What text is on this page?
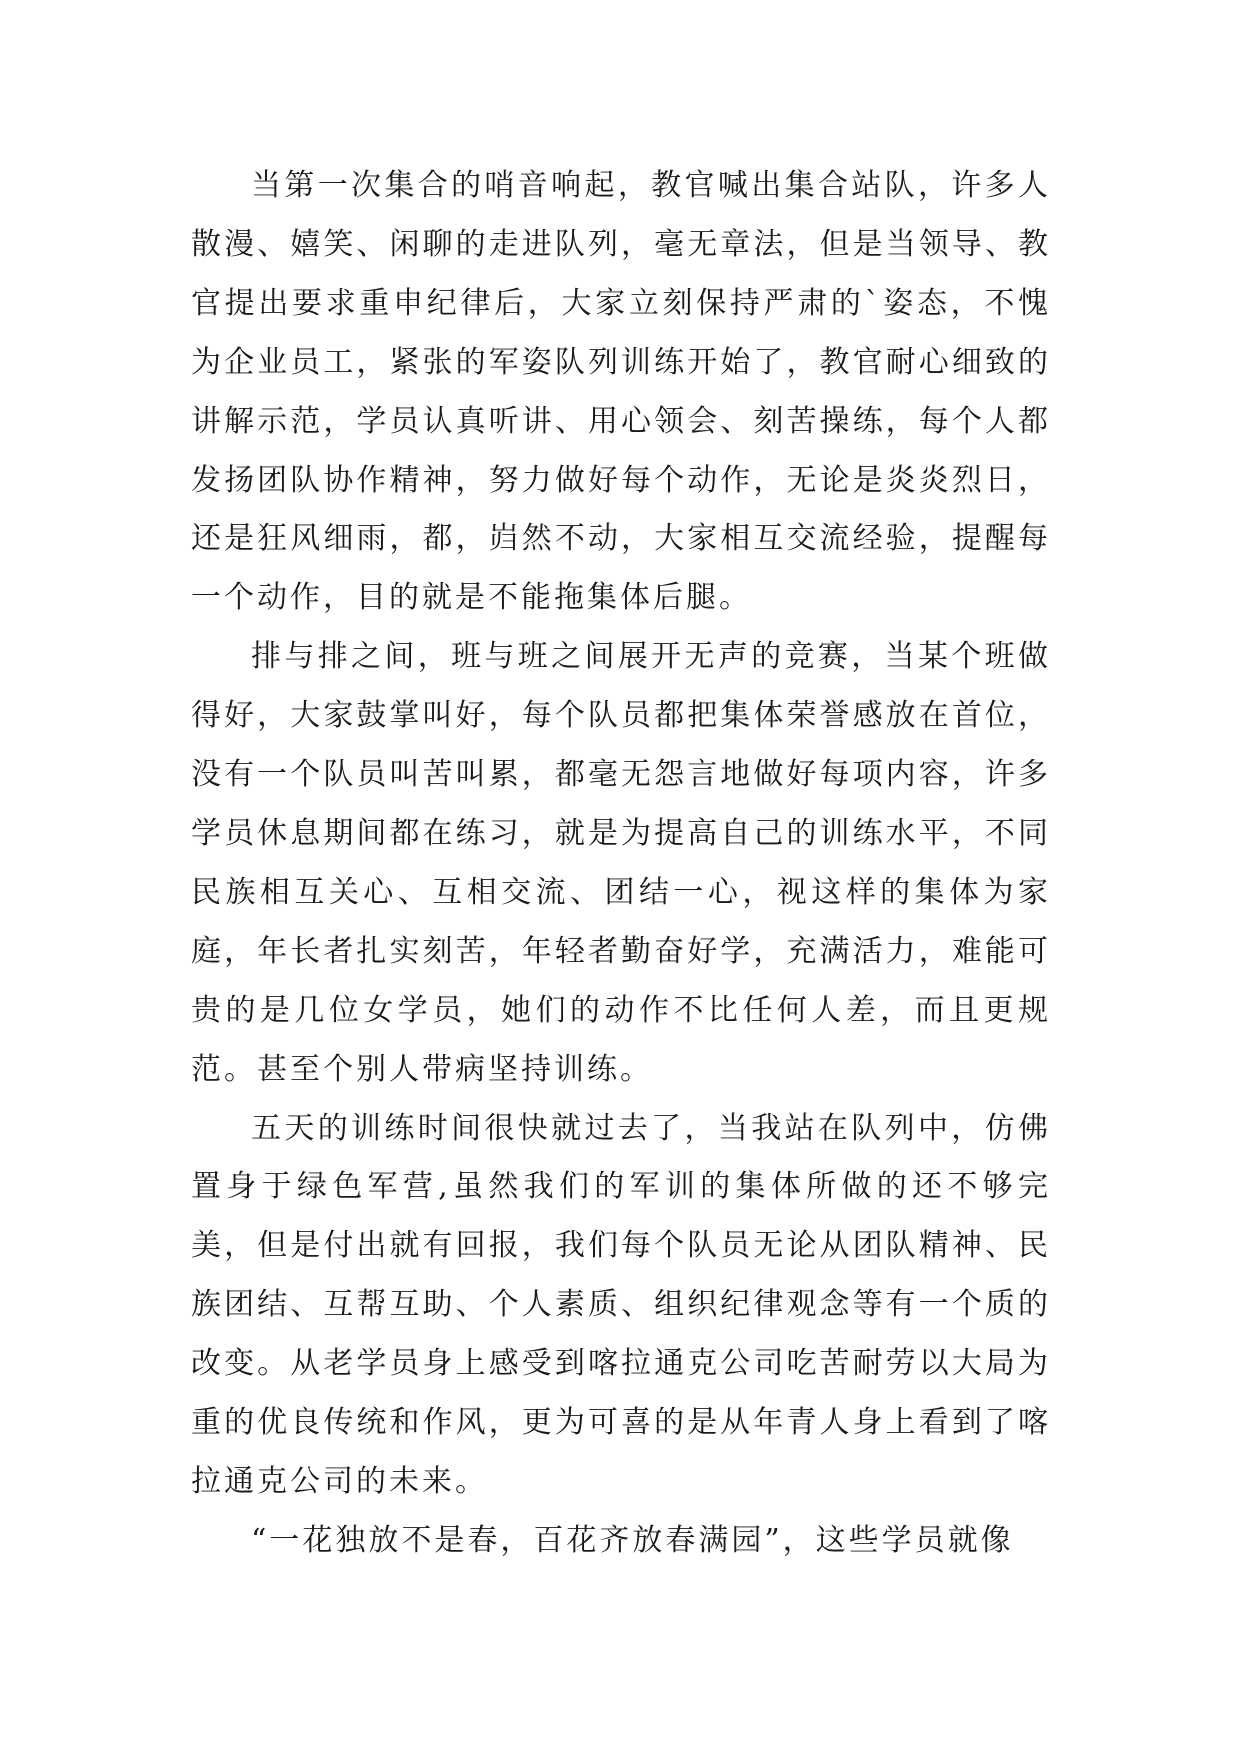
当第一次集合的哨音响起，教官喊出集合站队，许多人散漫、嬉笑、闲聊的走进队列，毫无章法，但是当领导、教官提出要求重申纪律后，大家立刻保持严肃的`姿态，不愧为企业员工，紧张的军姿队列训练开始了，教官耐心细致的讲解示范，学员认真听讲、用心领会、刻苦操练，每个人都发扬团队协作精神，努力做好每个动作，无论是炎炎烈日，还是狂风细雨，都，岿然不动，大家相互交流经验，提醒每一个动作，目的就是不能拖集体后腿。

排与排之间，班与班之间展开无声的竞赛，当某个班做得好，大家鼓掌叫好，每个队员都把集体荣誉感放在首位，没有一个队员叫苦叫累，都毫无怨言地做好每项内容，许多学员休息期间都在练习，就是为提高自己的训练水平，不同民族相互关心、互相交流、团结一心，视这样的集体为家庭，年长者扎实刻苦，年轻者勤奋好学，充满活力，难能可贵的是几位女学员，她们的动作不比任何人差，而且更规范。甚至个别人带病坚持训练。

五天的训练时间很快就过去了，当我站在队列中，仿佛置身于绿色军营,虽然我们的军训的集体所做的还不够完美，但是付出就有回报，我们每个队员无论从团队精神、民族团结、互帮互助、个人素质、组织纪律观念等有一个质的改变。从老学员身上感受到喀拉通克公司吃苦耐劳以大局为重的优良传统和作风，更为可喜的是从年青人身上看到了喀拉通克公司的未来。

“一花独放不是春，百花齐放春满园”，这些学员就像
